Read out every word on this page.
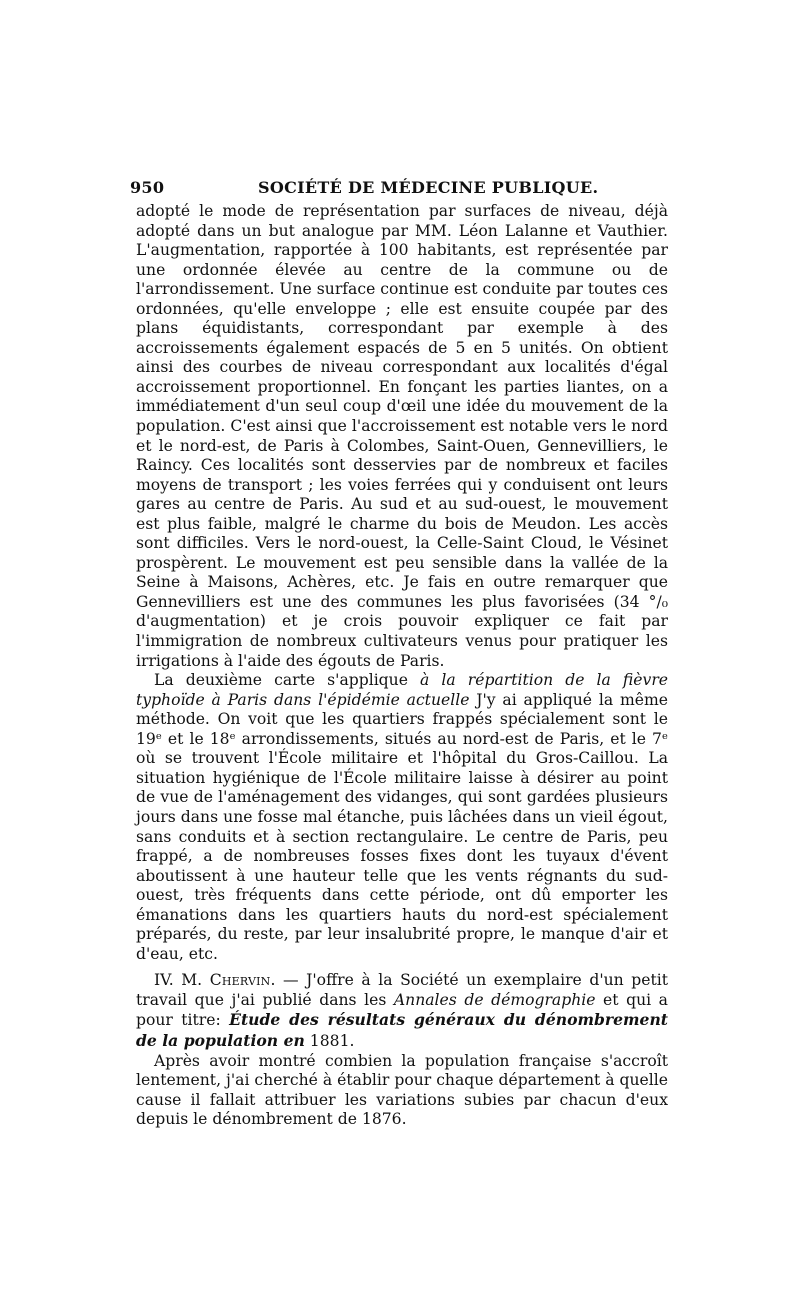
950	SOCIÉTÉ DE MÉDECINE PUBLIQUE.

adopté le mode de représentation par surfaces de niveau, déjà adopté dans un but analogue par MM. Léon Lalanne et Vauthier. L'augmentation, rapportée à 100 habitants, est représentée par une ordonnée élevée au centre de la commune ou de l'arrondissement. Une surface continue est conduite par toutes ces ordonnées, qu'elle enveloppe ; elle est ensuite coupée par des plans équidistants, correspondant par exemple à des accroissements également espacés de 5 en 5 unités. On obtient ainsi des courbes de niveau correspondant aux localités d'égal accroissement proportionnel. En fonçant les parties liantes, on a immédiatement d'un seul coup d'œil une idée du mouvement de la population. C'est ainsi que l'accroissement est notable vers le nord et le nord-est, de Paris à Colombes, Saint-Ouen, Gennevilliers, le Raincy. Ces localités sont desservies par de nombreux et faciles moyens de transport ; les voies ferrées qui y conduisent ont leurs gares au centre de Paris. Au sud et au sud-ouest, le mouvement est plus faible, malgré le charme du bois de Meudon. Les accès sont difficiles. Vers le nord-ouest, la Celle-Saint Cloud, le Vésinet prospèrent. Le mouvement est peu sensible dans la vallée de la Seine à Maisons, Achères, etc. Je fais en outre remarquer que Gennevilliers est une des communes les plus favorisées (34 °/₀ d'augmentation) et je crois pouvoir expliquer ce fait par l'immigration de nombreux cultivateurs venus pour pratiquer les irrigations à l'aide des égouts de Paris.

La deuxième carte s'applique à la répartition de la fièvre typhoïde à Paris dans l'épidémie actuelle J'y ai appliqué la même méthode. On voit que les quartiers frappés spécialement sont le 19ᵉ et le 18ᵉ arrondissements, situés au nord-est de Paris, et le 7ᵉ où se trouvent l'École militaire et l'hôpital du Gros-Caillou. La situation hygiénique de l'École militaire laisse à désirer au point de vue de l'aménagement des vidanges, qui sont gardées plusieurs jours dans une fosse mal étanche, puis lâchées dans un vieil égout, sans conduits et à section rectangulaire. Le centre de Paris, peu frappé, a de nombreuses fosses fixes dont les tuyaux d'évent aboutissent à une hauteur telle que les vents régnants du sud-ouest, très fréquents dans cette période, ont dû emporter les émanations dans les quartiers hauts du nord-est spécialement préparés, du reste, par leur insalubrité propre, le manque d'air et d'eau, etc.

IV. M. Chervin. — J'offre à la Société un exemplaire d'un petit travail que j'ai publié dans les Annales de démographie et qui a pour titre: Étude des résultats généraux du dénombrement de la population en 1881.

Après avoir montré combien la population française s'accroît lentement, j'ai cherché à établir pour chaque département à quelle cause il fallait attribuer les variations subies par chacun d'eux depuis le dénombrement de 1876.
